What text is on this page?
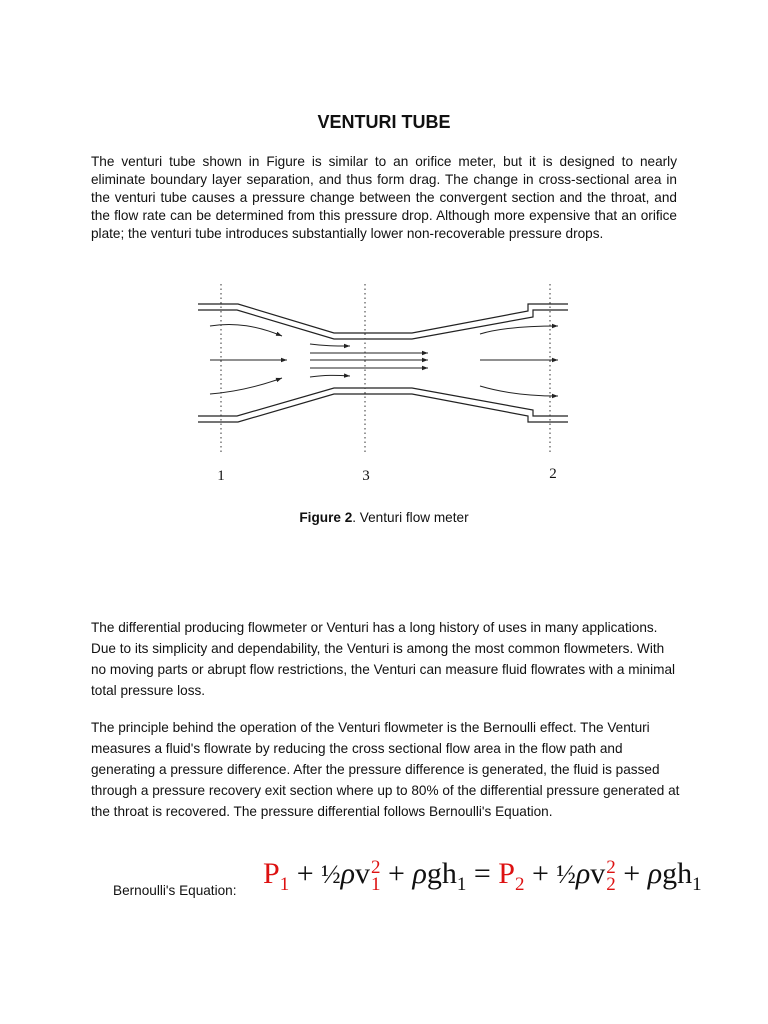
VENTURI TUBE

The venturi tube shown in Figure is similar to an orifice meter, but it is designed to nearly eliminate boundary layer separation, and thus form drag. The change in cross-sectional area in the venturi tube causes a pressure change between the convergent section and the throat, and the flow rate can be determined from this pressure drop. Although more expensive that an orifice plate; the venturi tube introduces substantially lower non-recoverable pressure drops.

1	3	2
Figure 2. Venturi flow meter

The differential producing flowmeter or Venturi has a long history of uses in many applications. Due to its simplicity and dependability, the Venturi is among the most common flowmeters. With no moving parts or abrupt flow restrictions, the Venturi can measure fluid flowrates with a minimal total pressure loss.

The principle behind the operation of the Venturi flowmeter is the Bernoulli effect. The Venturi measures a fluid's flowrate by reducing the cross sectional flow area in the flow path and generating a pressure difference. After the pressure difference is generated, the fluid is passed through a pressure recovery exit section where up to 80% of the differential pressure generated at the throat is recovered. The pressure differential follows Bernoulli's Equation.

Bernoulli's Equation:
$P_1$ + ½ρv 2
$1 + \rho gh_1 = P_2$ + ½ρv 2
2 + ρgh$_1$
